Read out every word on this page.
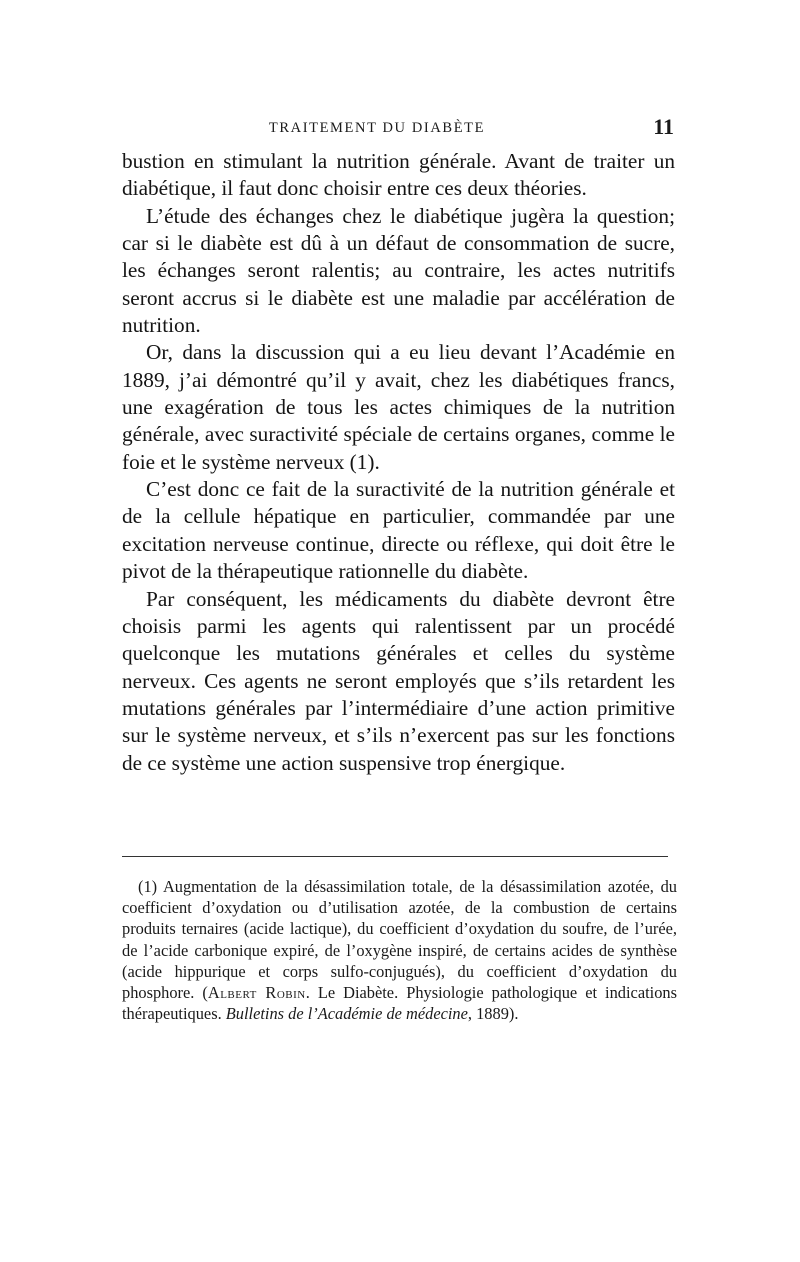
TRAITEMENT DU DIABÈTE	11

bustion en stimulant la nutrition générale. Avant de traiter un diabétique, il faut donc choisir entre ces deux théories.

L’étude des échanges chez le diabétique jugèra la question; car si le diabète est dû à un défaut de consommation de sucre, les échanges seront ralentis; au contraire, les actes nutritifs seront accrus si le diabète est une maladie par accélération de nutrition.

Or, dans la discussion qui a eu lieu devant l’Académie en 1889, j’ai démontré qu’il y avait, chez les diabétiques francs, une exagération de tous les actes chimiques de la nutrition générale, avec suractivité spéciale de certains organes, comme le foie et le système nerveux (1).

C’est donc ce fait de la suractivité de la nutrition générale et de la cellule hépatique en particulier, commandée par une excitation nerveuse continue, directe ou réflexe, qui doit être le pivot de la thérapeutique rationnelle du diabète.

Par conséquent, les médicaments du diabète devront être choisis parmi les agents qui ralentissent par un procédé quelconque les mutations générales et celles du système nerveux. Ces agents ne seront employés que s’ils retardent les mutations générales par l’intermédiaire d’une action primitive sur le système nerveux, et s’ils n’exercent pas sur les fonctions de ce système une action suspensive trop énergique.

(1) Augmentation de la désassimilation totale, de la désassimilation azotée, du coefficient d’oxydation ou d’utilisation azotée, de la combustion de certains produits ternaires (acide lactique), du coefficient d’oxydation du soufre, de l’urée, de l’acide carbonique expiré, de l’oxygène inspiré, de certains acides de synthèse (acide hippurique et corps sulfo-conjugués), du coefficient d’oxydation du phosphore. (Albert Robin. Le Diabète. Physiologie pathologique et indications thérapeutiques. Bulletins de l’Académie de médecine, 1889).
